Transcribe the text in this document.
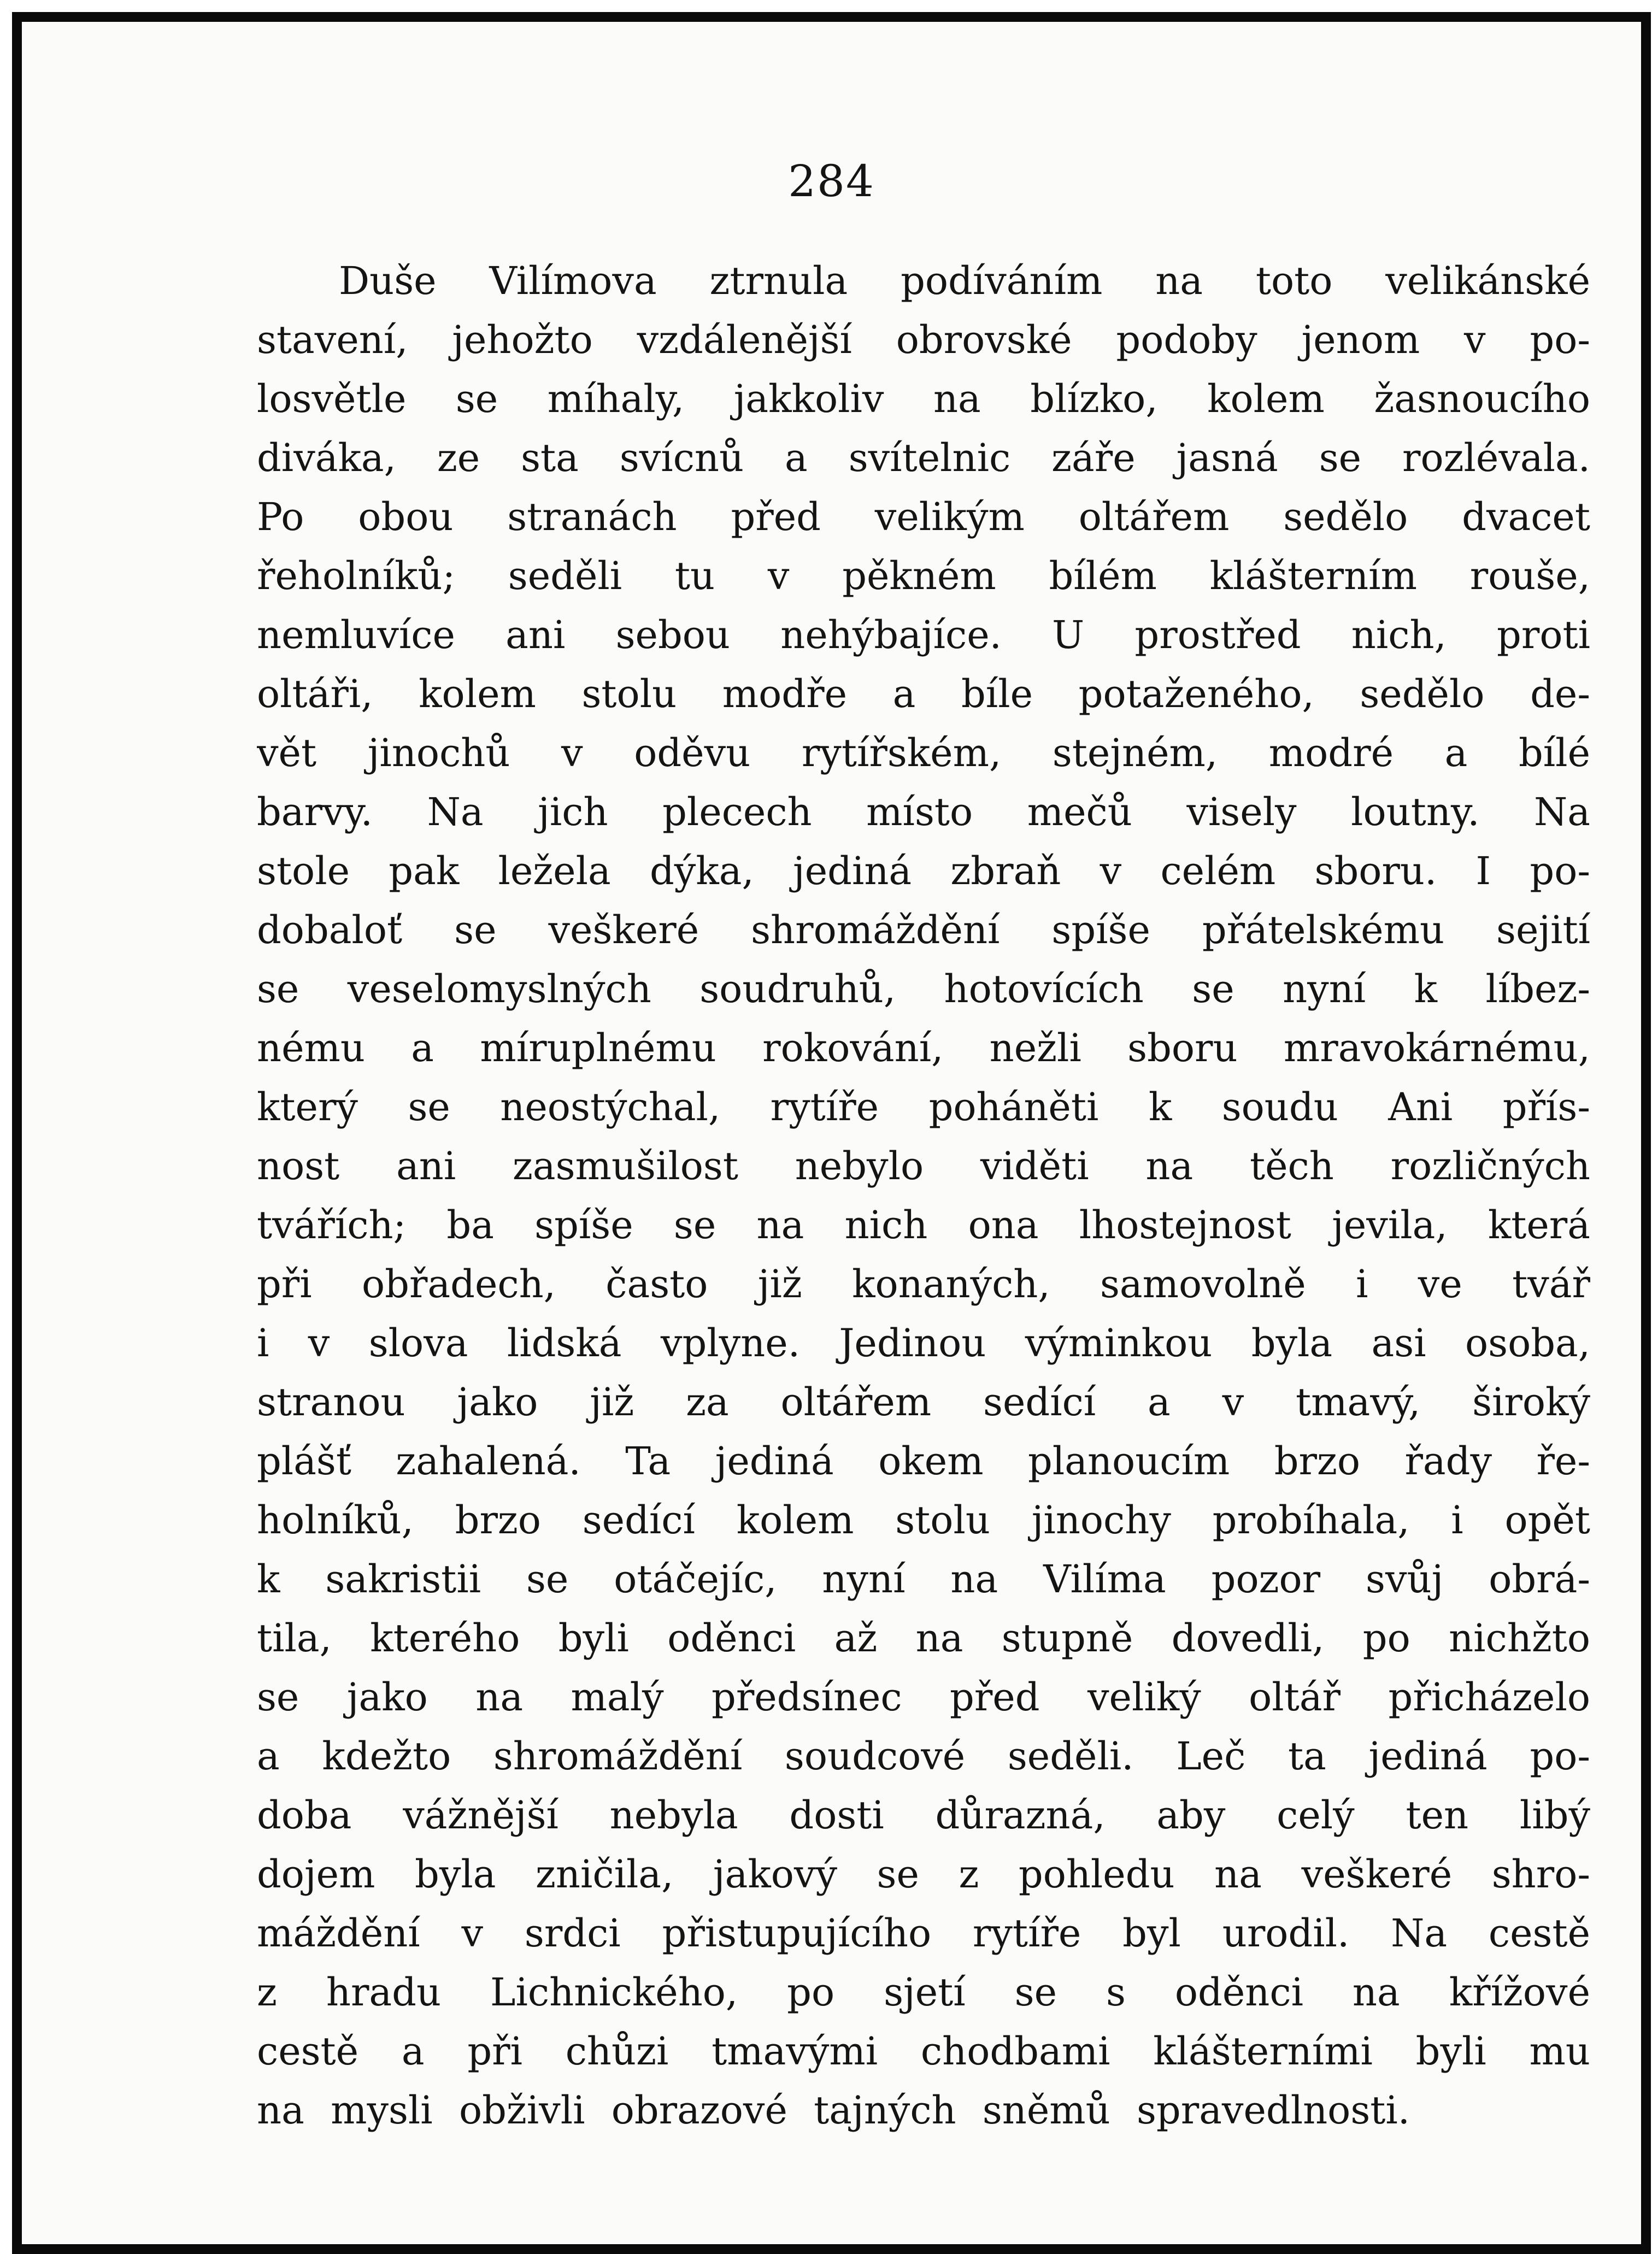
284
Duše Vilímova ztrnula podíváním na toto velikánské
stavení, jehožto vzdálenější obrovské podoby jenom v po-
losvětle se míhaly, jakkoliv na blízko, kolem žasnoucího
diváka, ze sta svícnů a svítelnic záře jasná se rozlévala.
Po obou stranách před velikým oltářem sedělo dvacet
řeholníků; seděli tu v pěkném bílém klášterním rouše,
nemluvíce ani sebou nehýbajíce. U prostřed nich, proti
oltáři, kolem stolu modře a bíle potaženého, sedělo de-
vět jinochů v oděvu rytířském, stejném, modré a bílé
barvy. Na jich plecech místo mečů visely loutny. Na
stole pak ležela dýka, jediná zbraň v celém sboru. I po-
dobaloť se veškeré shromáždění spíše přátelskému sejití
se veselomyslných soudruhů, hotovících se nyní k líbez-
nému a míruplnému rokování, nežli sboru mravokárnému,
který se neostýchal, rytíře poháněti k soudu Ani přís-
nost ani zasmušilost nebylo viděti na těch rozličných
tvářích; ba spíše se na nich ona lhostejnost jevila, která
při obřadech, často již konaných, samovolně i ve tvář
i v slova lidská vplyne. Jedinou výminkou byla asi osoba,
stranou jako již za oltářem sedící a v tmavý, široký
plášť zahalená. Ta jediná okem planoucím brzo řady ře-
holníků, brzo sedící kolem stolu jinochy probíhala, i opět
k sakristii se otáčejíc, nyní na Vilíma pozor svůj obrá-
tila, kterého byli oděnci až na stupně dovedli, po nichžto
se jako na malý předsínec před veliký oltář přicházelo
a kdežto shromáždění soudcové seděli. Leč ta jediná po-
doba vážnější nebyla dosti důrazná, aby celý ten libý
dojem byla zničila, jakový se z pohledu na veškeré shro-
máždění v srdci přistupujícího rytíře byl urodil. Na cestě
z hradu Lichnického, po sjetí se s oděnci na křížové
cestě a při chůzi tmavými chodbami klášterními byli mu
na mysli obživli obrazové tajných sněmů spravedlnosti.
